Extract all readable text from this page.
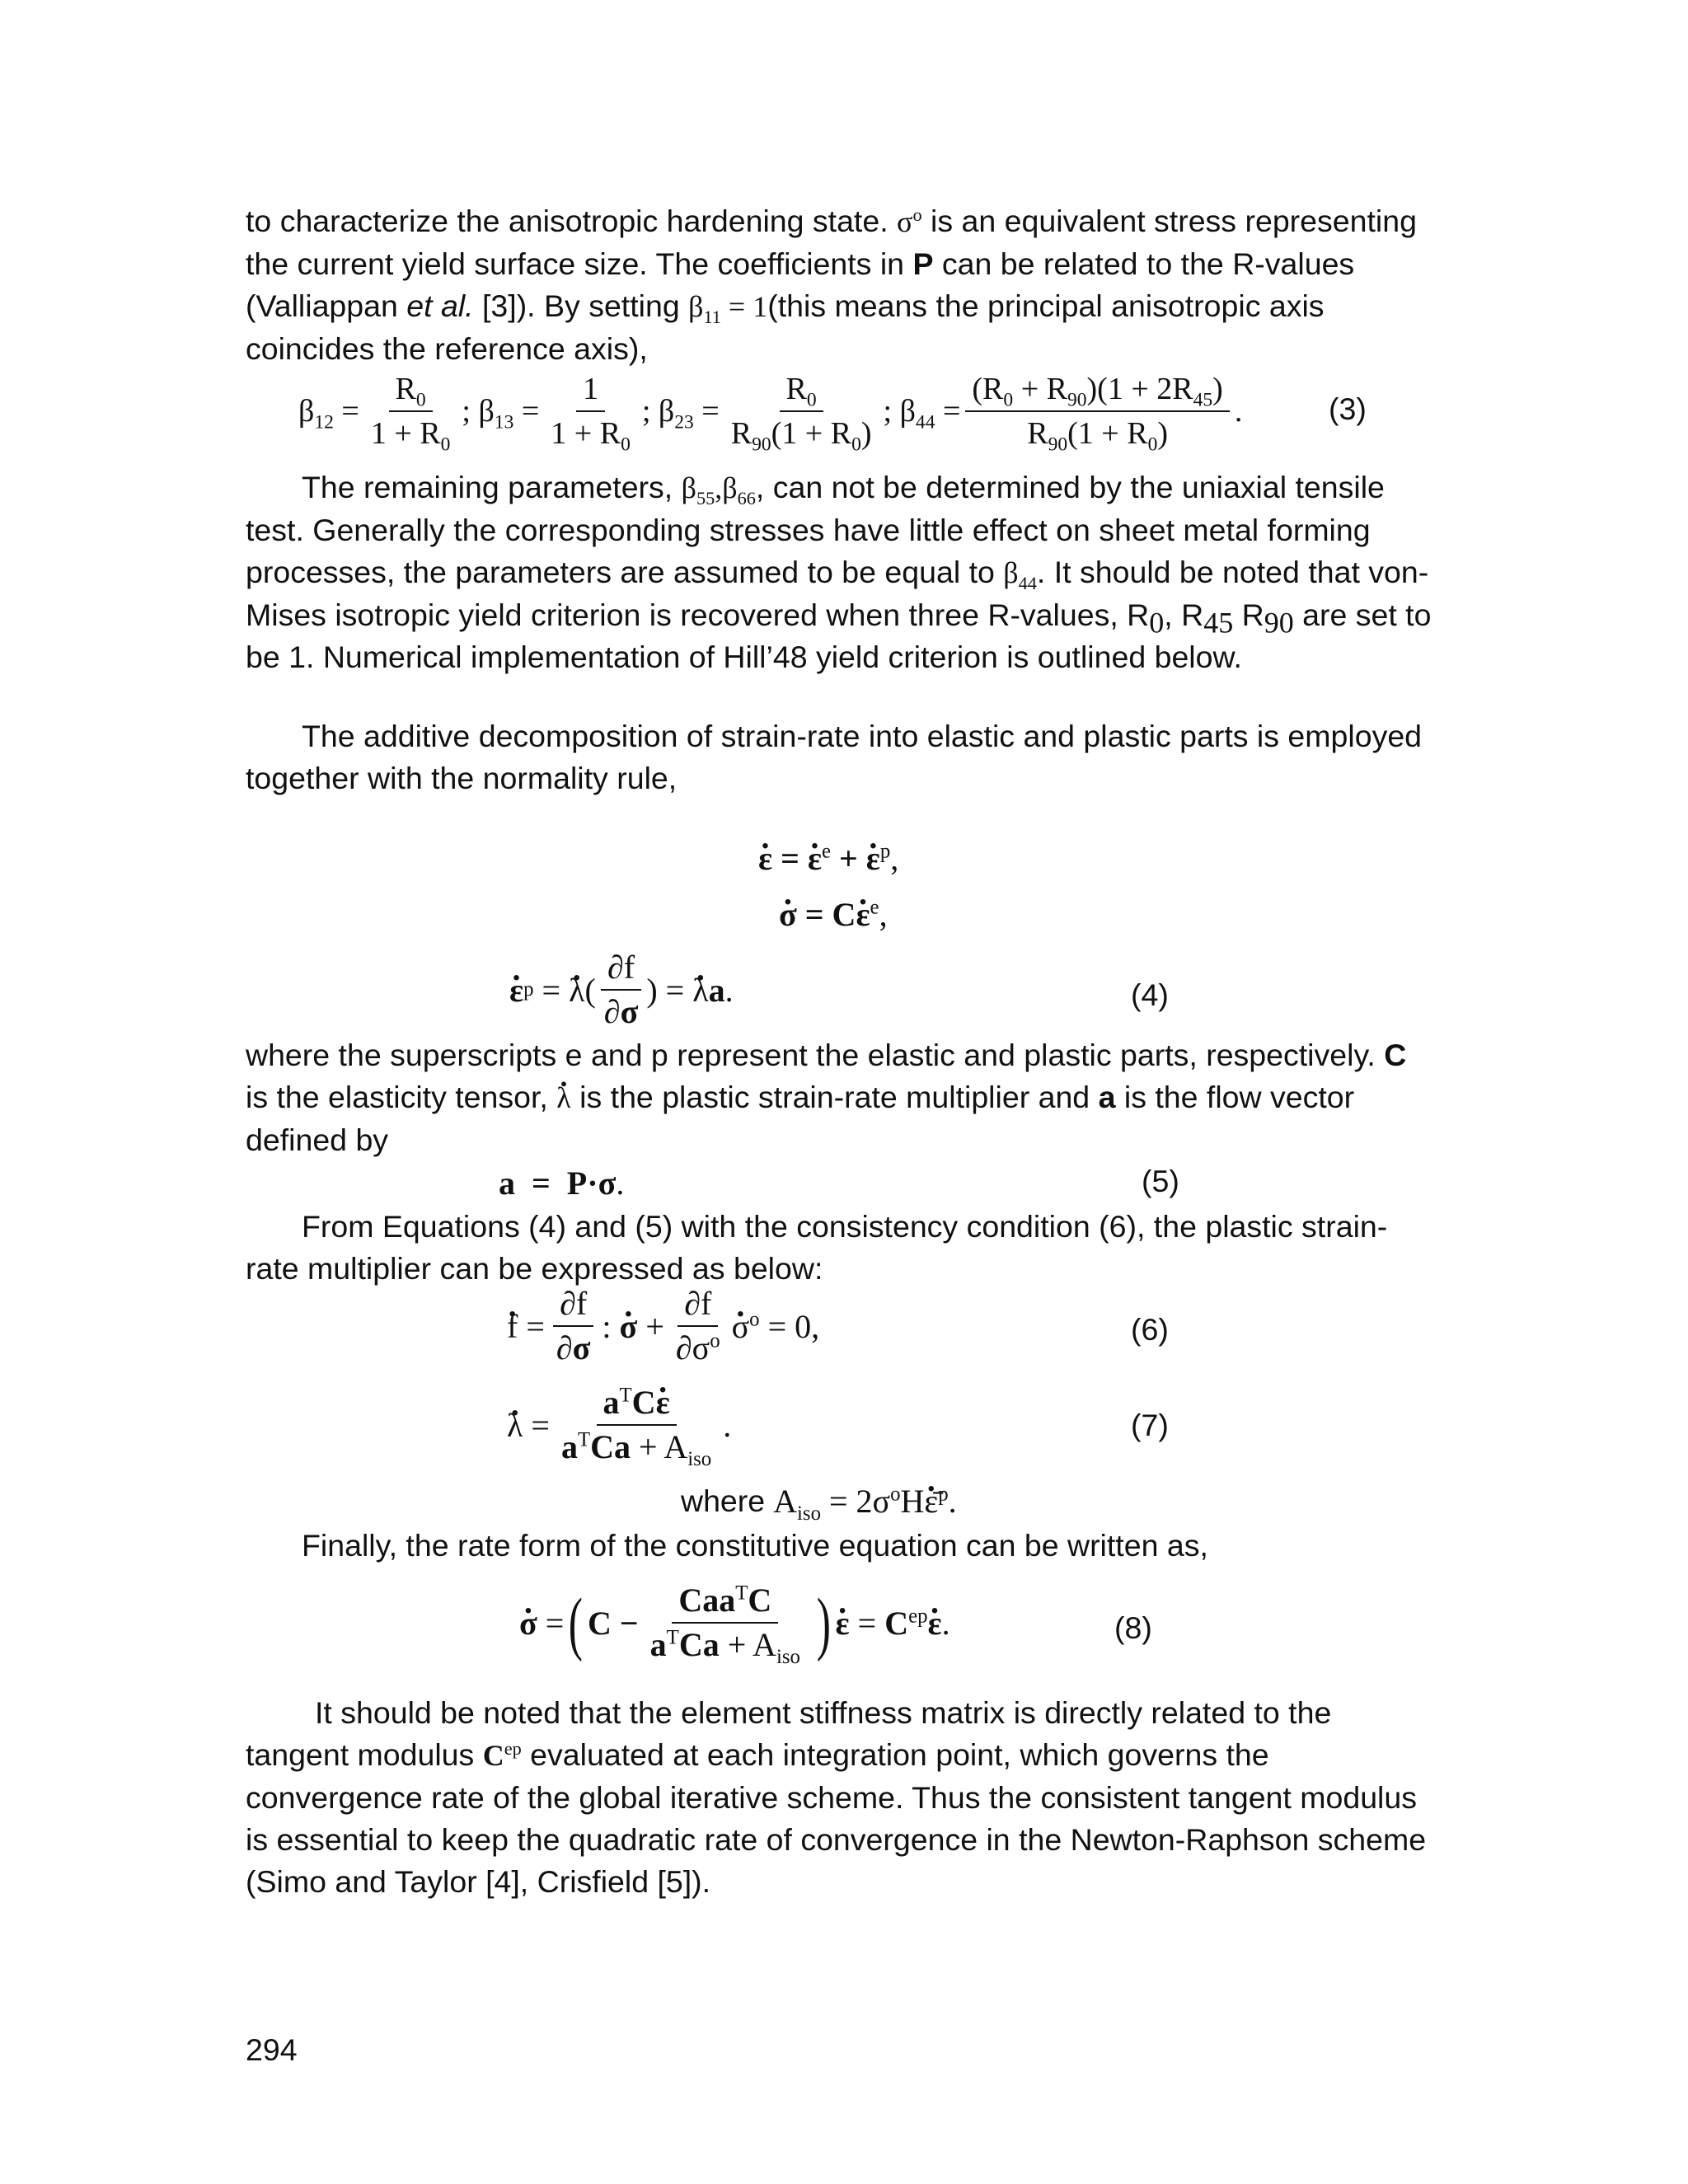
to characterize the anisotropic hardening state. $\sigma^o$ is an equivalent stress representing the current yield surface size. The coefficients in P can be related to the R-values (Valliappan et al. [3]). By setting $\beta_{11}$ = 1(this means the principal anisotropic axis coincides the reference axis),

$\beta_{12} = \frac{R_0}{1 + R_0}$ ; $\beta_{13} = \frac{1}{1 + R_0}$ ; $\beta_{23} = \frac{R_0}{R_{90}(1 + R_0)}$ ; $\beta_{44} = \frac{(R_0 + R_{90})(1 + 2R_{45})}{R_{90}(1 + R_0)}$ .	(3)

The remaining parameters, $\beta_{55},\beta_{66}$, can not be determined by the uniaxial tensile test. Generally the corresponding stresses have little effect on sheet metal forming processes, the parameters are assumed to be equal to $\beta_{44}$. It should be noted that von-Mises isotropic yield criterion is recovered when three R-values, $R_0$, $R_{45}$ $R_{90}$ are set to be 1. Numerical implementation of Hill’48 yield criterion is outlined below.

The additive decomposition of strain-rate into elastic and plastic parts is employed together with the normality rule,

ε . = ε .$^e$ + ε .$^p$,
σ . = Cε .$^e$,
ε . p = λ .( $\frac{\partial f}{\partial\sigma}$ ) = λ .a.	(4)

where the superscripts e and p represent the elastic and plastic parts, respectively. C is the elasticity tensor, λ . is the plastic strain-rate multiplier and a is the flow vector defined by

a  =  P·σ.	(5)

From Equations (4) and (5) with the consistency condition (6), the plastic strain-rate multiplier can be expressed as below:

f . = $\frac{\partial f}{\partial\sigma}$ : σ . + $\frac{\partial f}{\partial\sigma^o}$ σ .$^o$ = 0,	(6)
λ . = $\frac{a^TC\varepsilon .}{a^TCa + A_{iso}}$ .	(7)
where $A_{iso}$ = $2\sigma^oH\varepsilon̄$ .$^p$.

Finally, the rate form of the constitutive equation can be written as,

σ . = ( $C - \frac{Caa^TC}{a^TCa + A_{iso}}$ ) ε . = $C^{ep}\varepsilon$ ..	(8)

It should be noted that the element stiffness matrix is directly related to the tangent modulus $C^{ep}$ evaluated at each integration point, which governs the convergence rate of the global iterative scheme. Thus the consistent tangent modulus is essential to keep the quadratic rate of convergence in the Newton-Raphson scheme (Simo and Taylor [4], Crisfield [5]).

294
